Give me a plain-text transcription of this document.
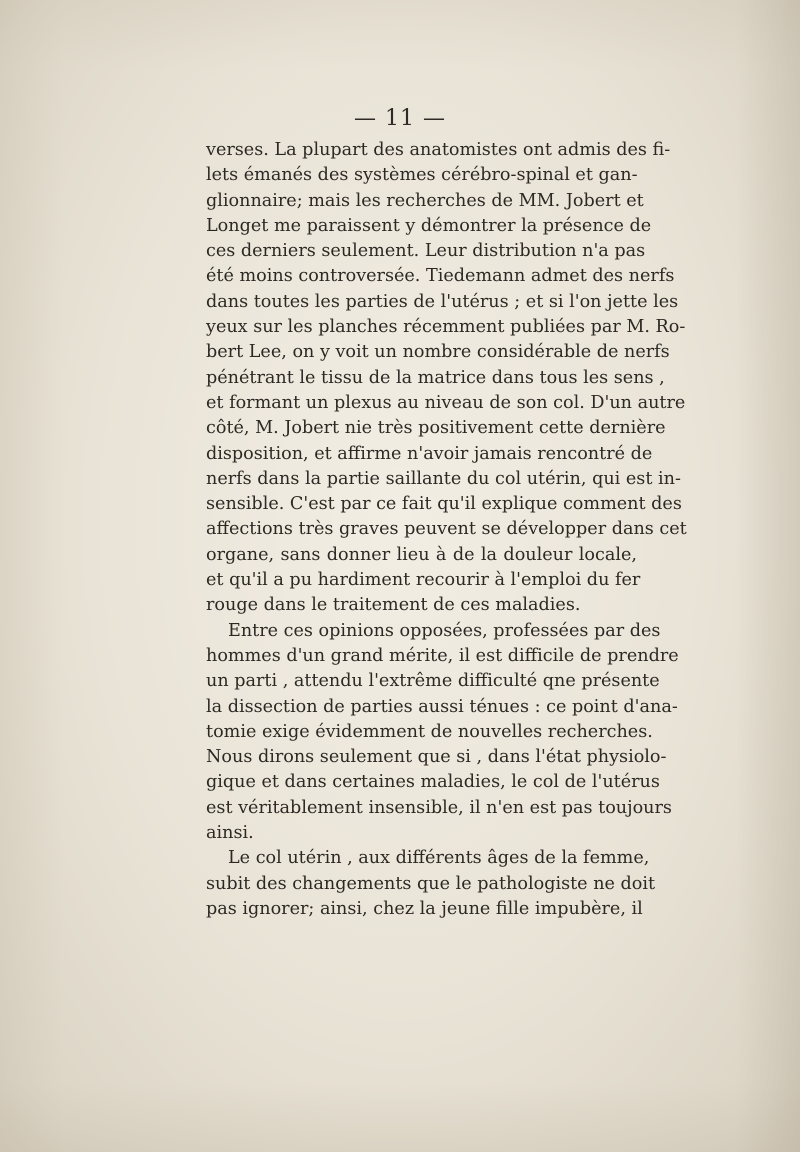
— 11 —

verses. La plupart des anatomistes ont admis des fi-
lets émanés des systèmes cérébro-spinal et gan-
glionnaire; mais les recherches de MM. Jobert et
Longet me paraissent y démontrer la présence de
ces derniers seulement. Leur distribution n'a pas
été moins controversée. Tiedemann admet des nerfs
dans toutes les parties de l'utérus ; et si l'on jette les
yeux sur les planches récemment publiées par M. Ro-
bert Lee, on y voit un nombre considérable de nerfs
pénétrant le tissu de la matrice dans tous les sens ,
et formant un plexus au niveau de son col. D'un autre
côté, M. Jobert nie très positivement cette dernière
disposition, et affirme n'avoir jamais rencontré de
nerfs dans la partie saillante du col utérin, qui est in-
sensible. C'est par ce fait qu'il explique comment des
affections très graves peuvent se développer dans cet
organe, sans donner lieu à de la douleur locale,
et qu'il a pu hardiment recourir à l'emploi du fer
rouge dans le traitement de ces maladies.

Entre ces opinions opposées, professées par des
hommes d'un grand mérite, il est difficile de prendre
un parti , attendu l'extrême difficulté qne présente
la dissection de parties aussi ténues : ce point d'ana-
tomie exige évidemment de nouvelles recherches.
Nous dirons seulement que si , dans l'état physiolo-
gique et dans certaines maladies, le col de l'utérus
est véritablement insensible, il n'en est pas toujours
ainsi.

Le col utérin , aux différents âges de la femme,
subit des changements que le pathologiste ne doit
pas ignorer; ainsi, chez la jeune fille impubère, il
